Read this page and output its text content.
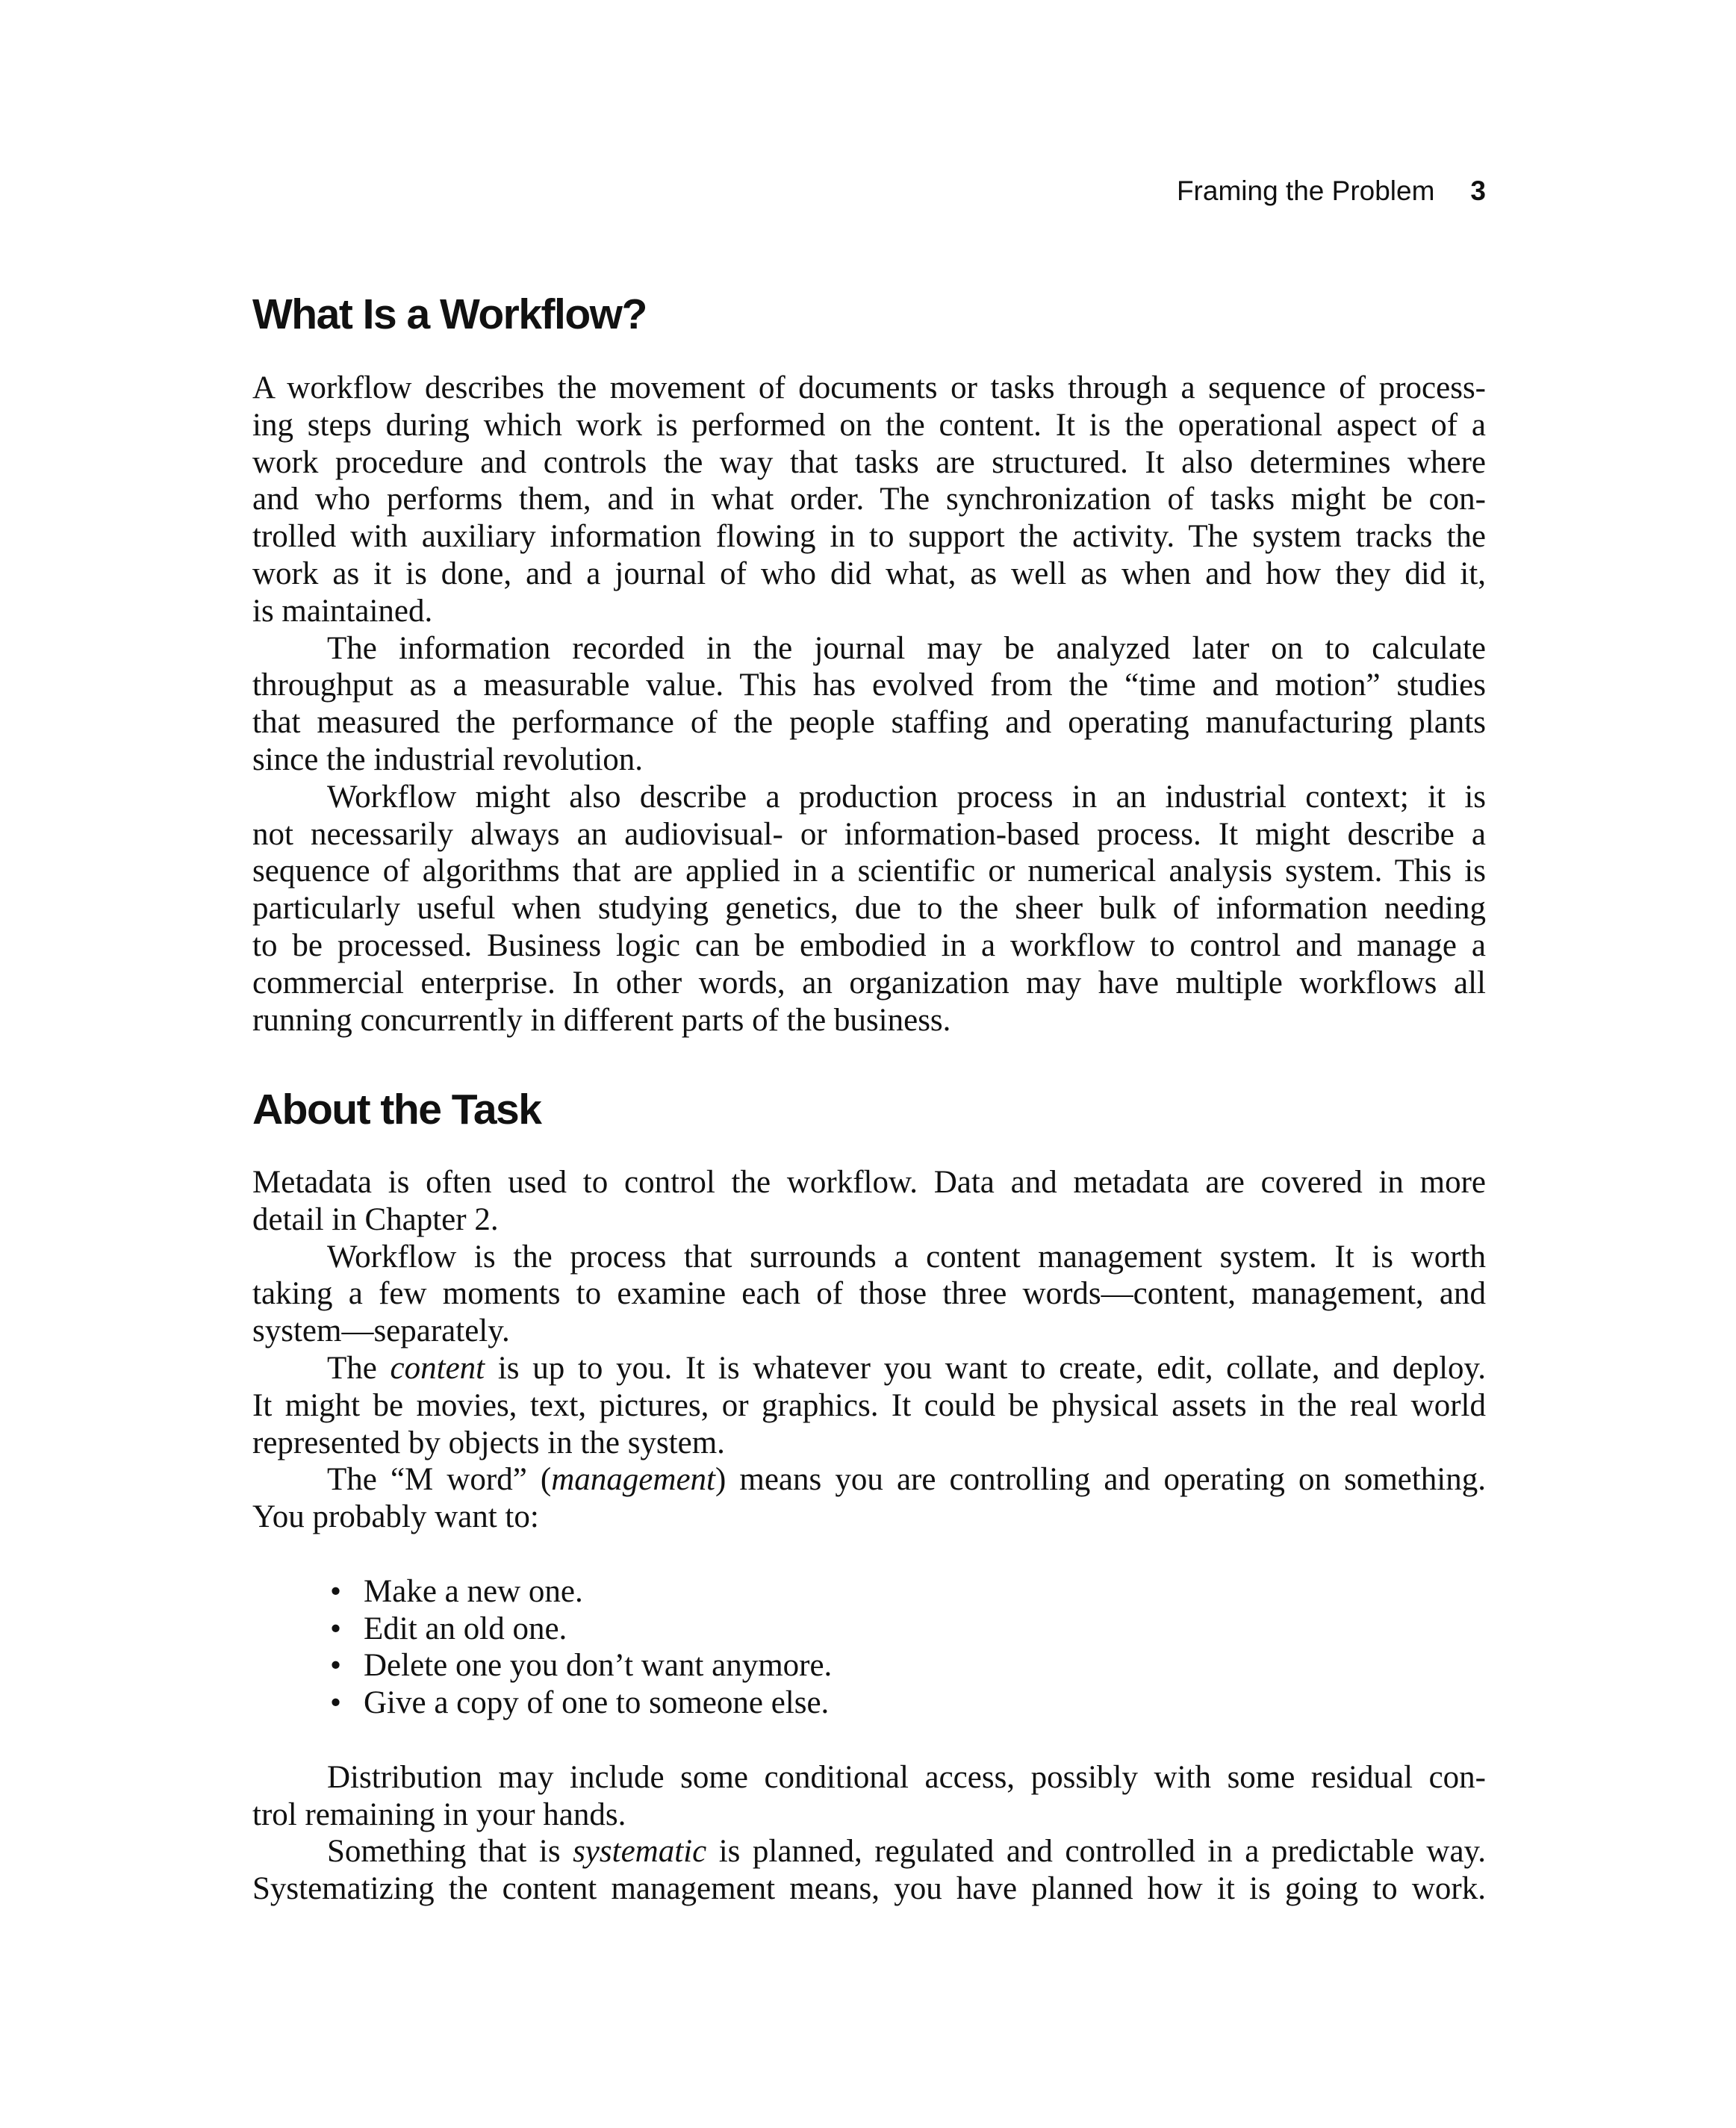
Framing the Problem 3
What Is a Workflow?
A workflow describes the movement of documents or tasks through a sequence of process-
ing steps during which work is performed on the content. It is the operational aspect of a
work procedure and controls the way that tasks are structured. It also determines where
and who performs them, and in what order. The synchronization of tasks might be con-
trolled with auxiliary information flowing in to support the activity. The system tracks the
work as it is done, and a journal of who did what, as well as when and how they did it,
is maintained.
The information recorded in the journal may be analyzed later on to calculate
throughput as a measurable value. This has evolved from the “time and motion” studies
that measured the performance of the people staffing and operating manufacturing plants
since the industrial revolution.
Workflow might also describe a production process in an industrial context; it is
not necessarily always an audiovisual- or information-based process. It might describe a
sequence of algorithms that are applied in a scientific or numerical analysis system. This is
particularly useful when studying genetics, due to the sheer bulk of information needing
to be processed. Business logic can be embodied in a workflow to control and manage a
commercial enterprise. In other words, an organization may have multiple workflows all
running concurrently in different parts of the business.
About the Task
Metadata is often used to control the workflow. Data and metadata are covered in more
detail in Chapter 2.
Workflow is the process that surrounds a content management system. It is worth
taking a few moments to examine each of those three words—content, management, and
system—separately.
The content is up to you. It is whatever you want to create, edit, collate, and deploy.
It might be movies, text, pictures, or graphics. It could be physical assets in the real world
represented by objects in the system.
The “M word” (management) means you are controlling and operating on something.
You probably want to:
• Make a new one.
• Edit an old one.
• Delete one you don’t want anymore.
• Give a copy of one to someone else.
Distribution may include some conditional access, possibly with some residual con-
trol remaining in your hands.
Something that is systematic is planned, regulated and controlled in a predictable way.
Systematizing the content management means, you have planned how it is going to work.
